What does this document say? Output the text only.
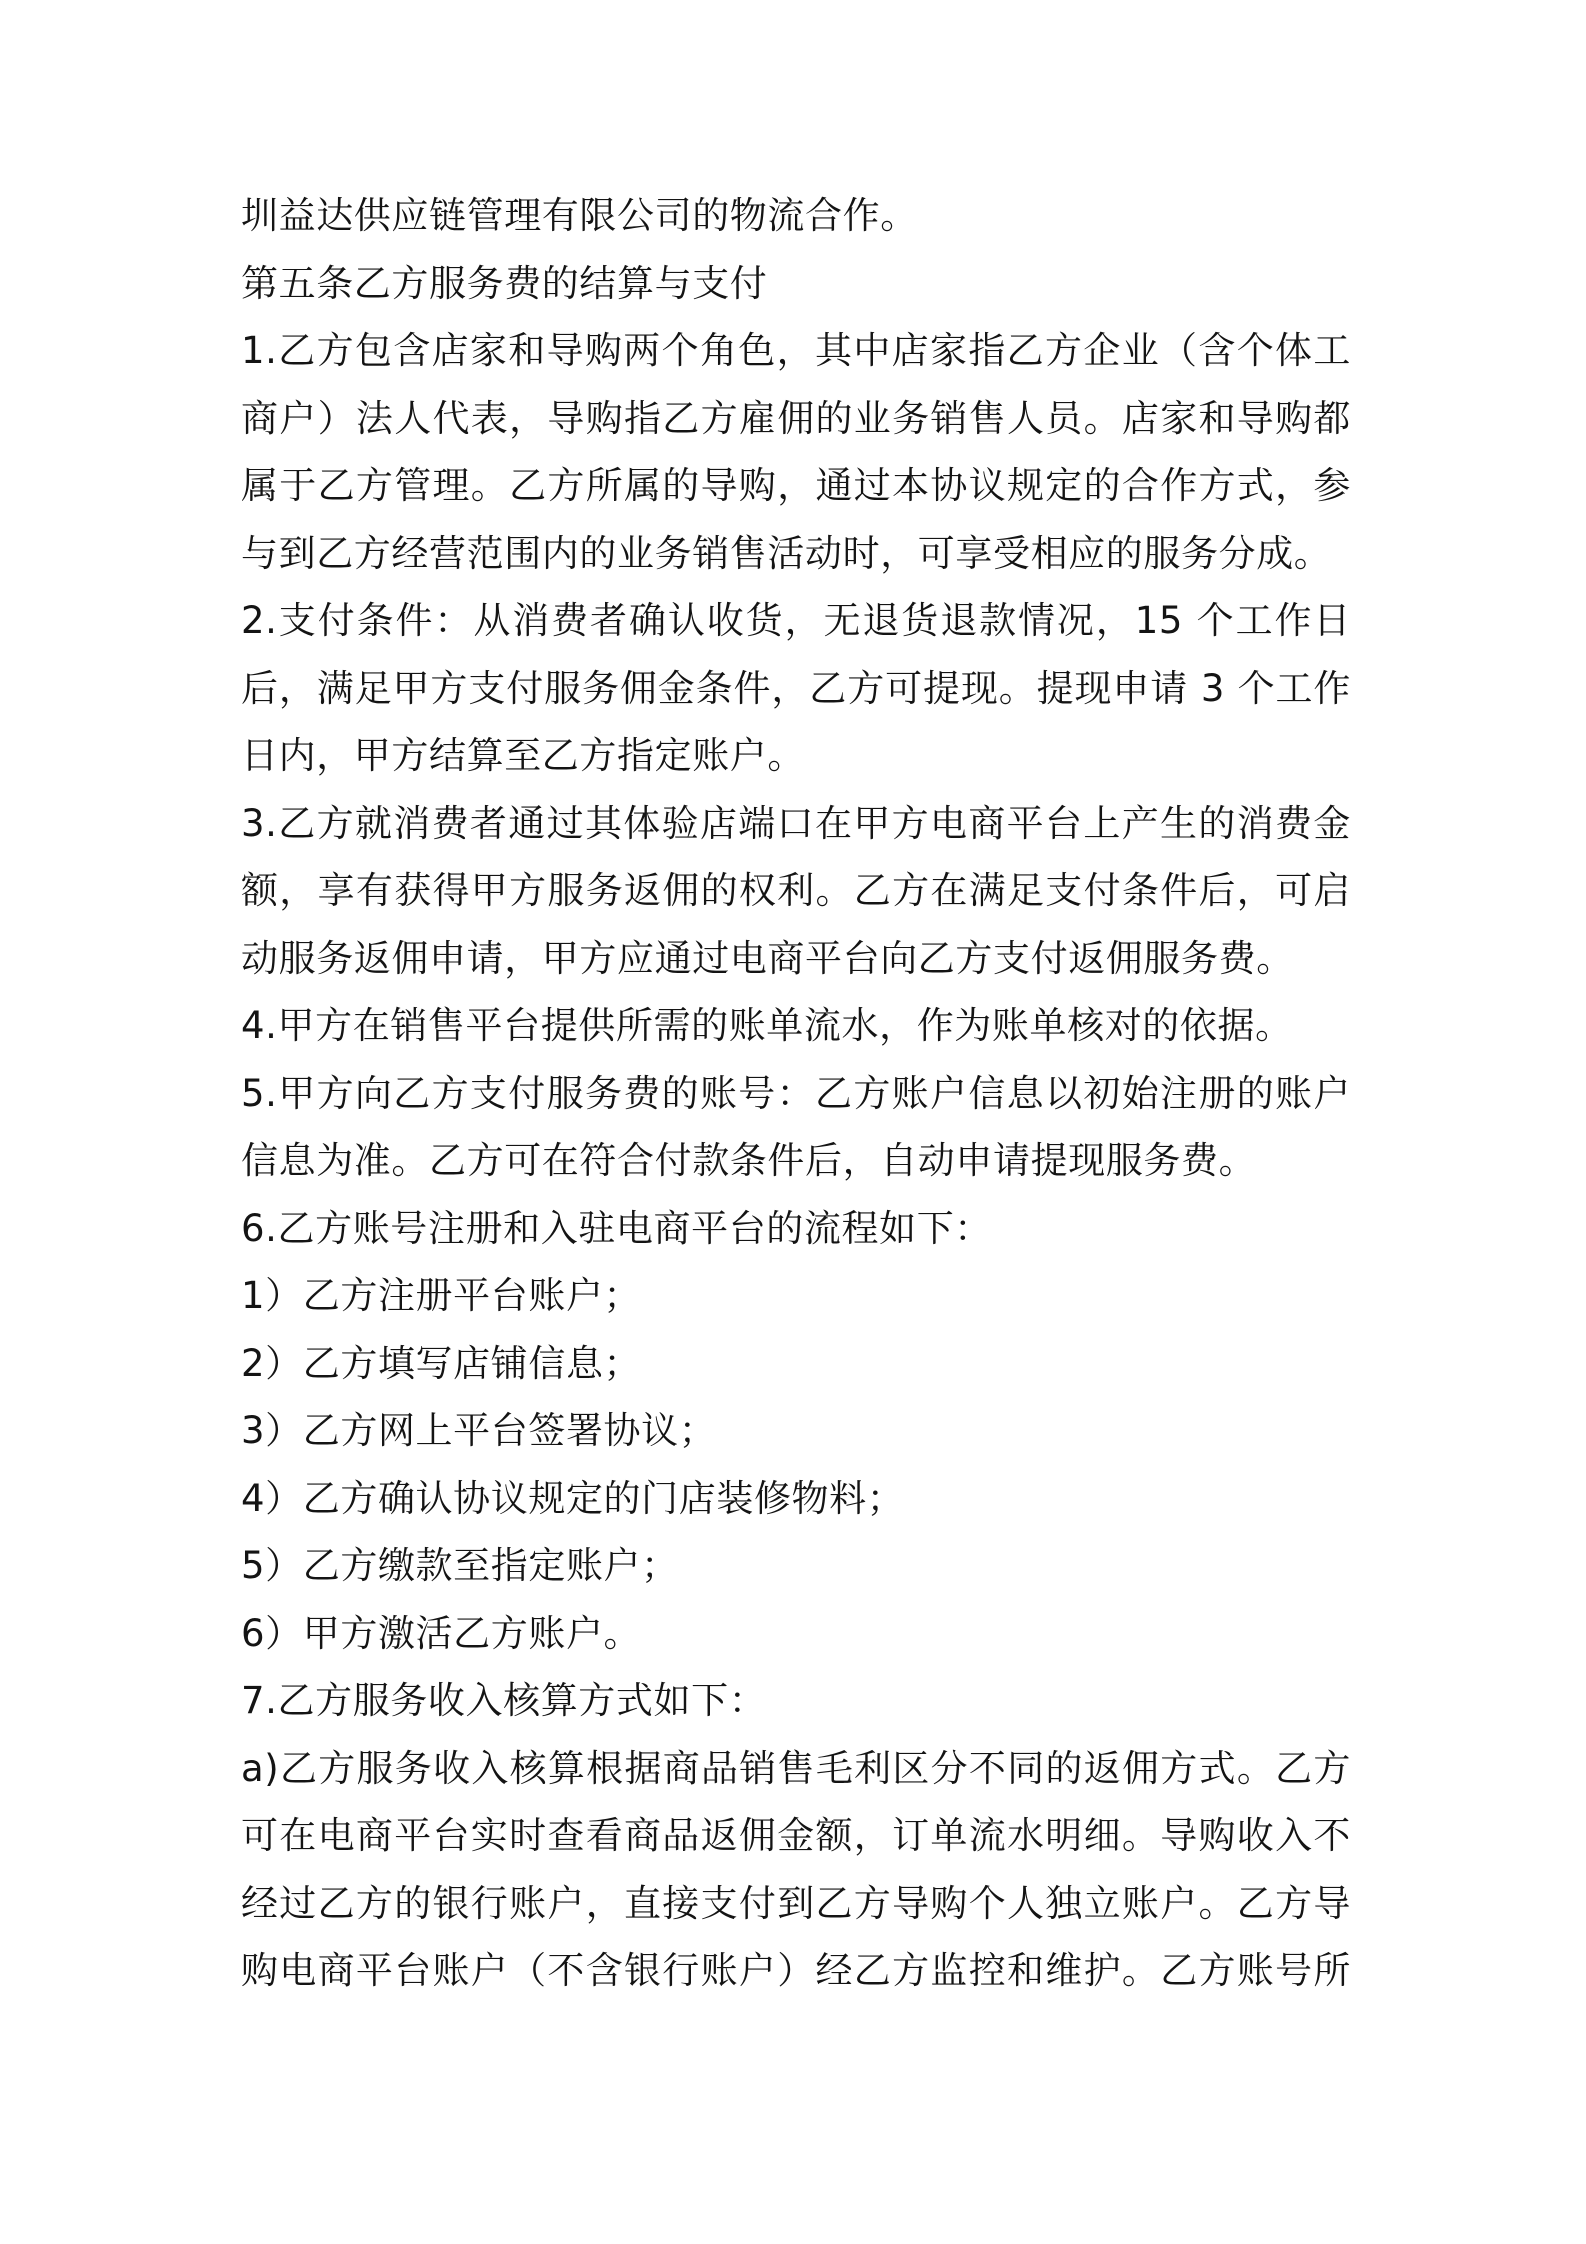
圳益达供应链管理有限公司的物流合作。
第五条乙方服务费的结算与支付
1.乙方包含店家和导购两个角色，其中店家指乙方企业（含个体工
商户）法人代表，导购指乙方雇佣的业务销售人员。店家和导购都
属于乙方管理。乙方所属的导购，通过本协议规定的合作方式，参
与到乙方经营范围内的业务销售活动时，可享受相应的服务分成。
2.支付条件：从消费者确认收货，无退货退款情况，15 个工作日
后，满足甲方支付服务佣金条件，乙方可提现。提现申请 3 个工作
日内，甲方结算至乙方指定账户。
3.乙方就消费者通过其体验店端口在甲方电商平台上产生的消费金
额，享有获得甲方服务返佣的权利。乙方在满足支付条件后，可启
动服务返佣申请，甲方应通过电商平台向乙方支付返佣服务费。
4.甲方在销售平台提供所需的账单流水，作为账单核对的依据。
5.甲方向乙方支付服务费的账号：乙方账户信息以初始注册的账户
信息为准。乙方可在符合付款条件后，自动申请提现服务费。
6.乙方账号注册和入驻电商平台的流程如下：
1）乙方注册平台账户；
2）乙方填写店铺信息；
3）乙方网上平台签署协议；
4）乙方确认协议规定的门店装修物料；
5）乙方缴款至指定账户；
6）甲方激活乙方账户。
7.乙方服务收入核算方式如下：
a)乙方服务收入核算根据商品销售毛利区分不同的返佣方式。乙方
可在电商平台实时查看商品返佣金额，订单流水明细。导购收入不
经过乙方的银行账户，直接支付到乙方导购个人独立账户。乙方导
购电商平台账户（不含银行账户）经乙方监控和维护。乙方账号所
